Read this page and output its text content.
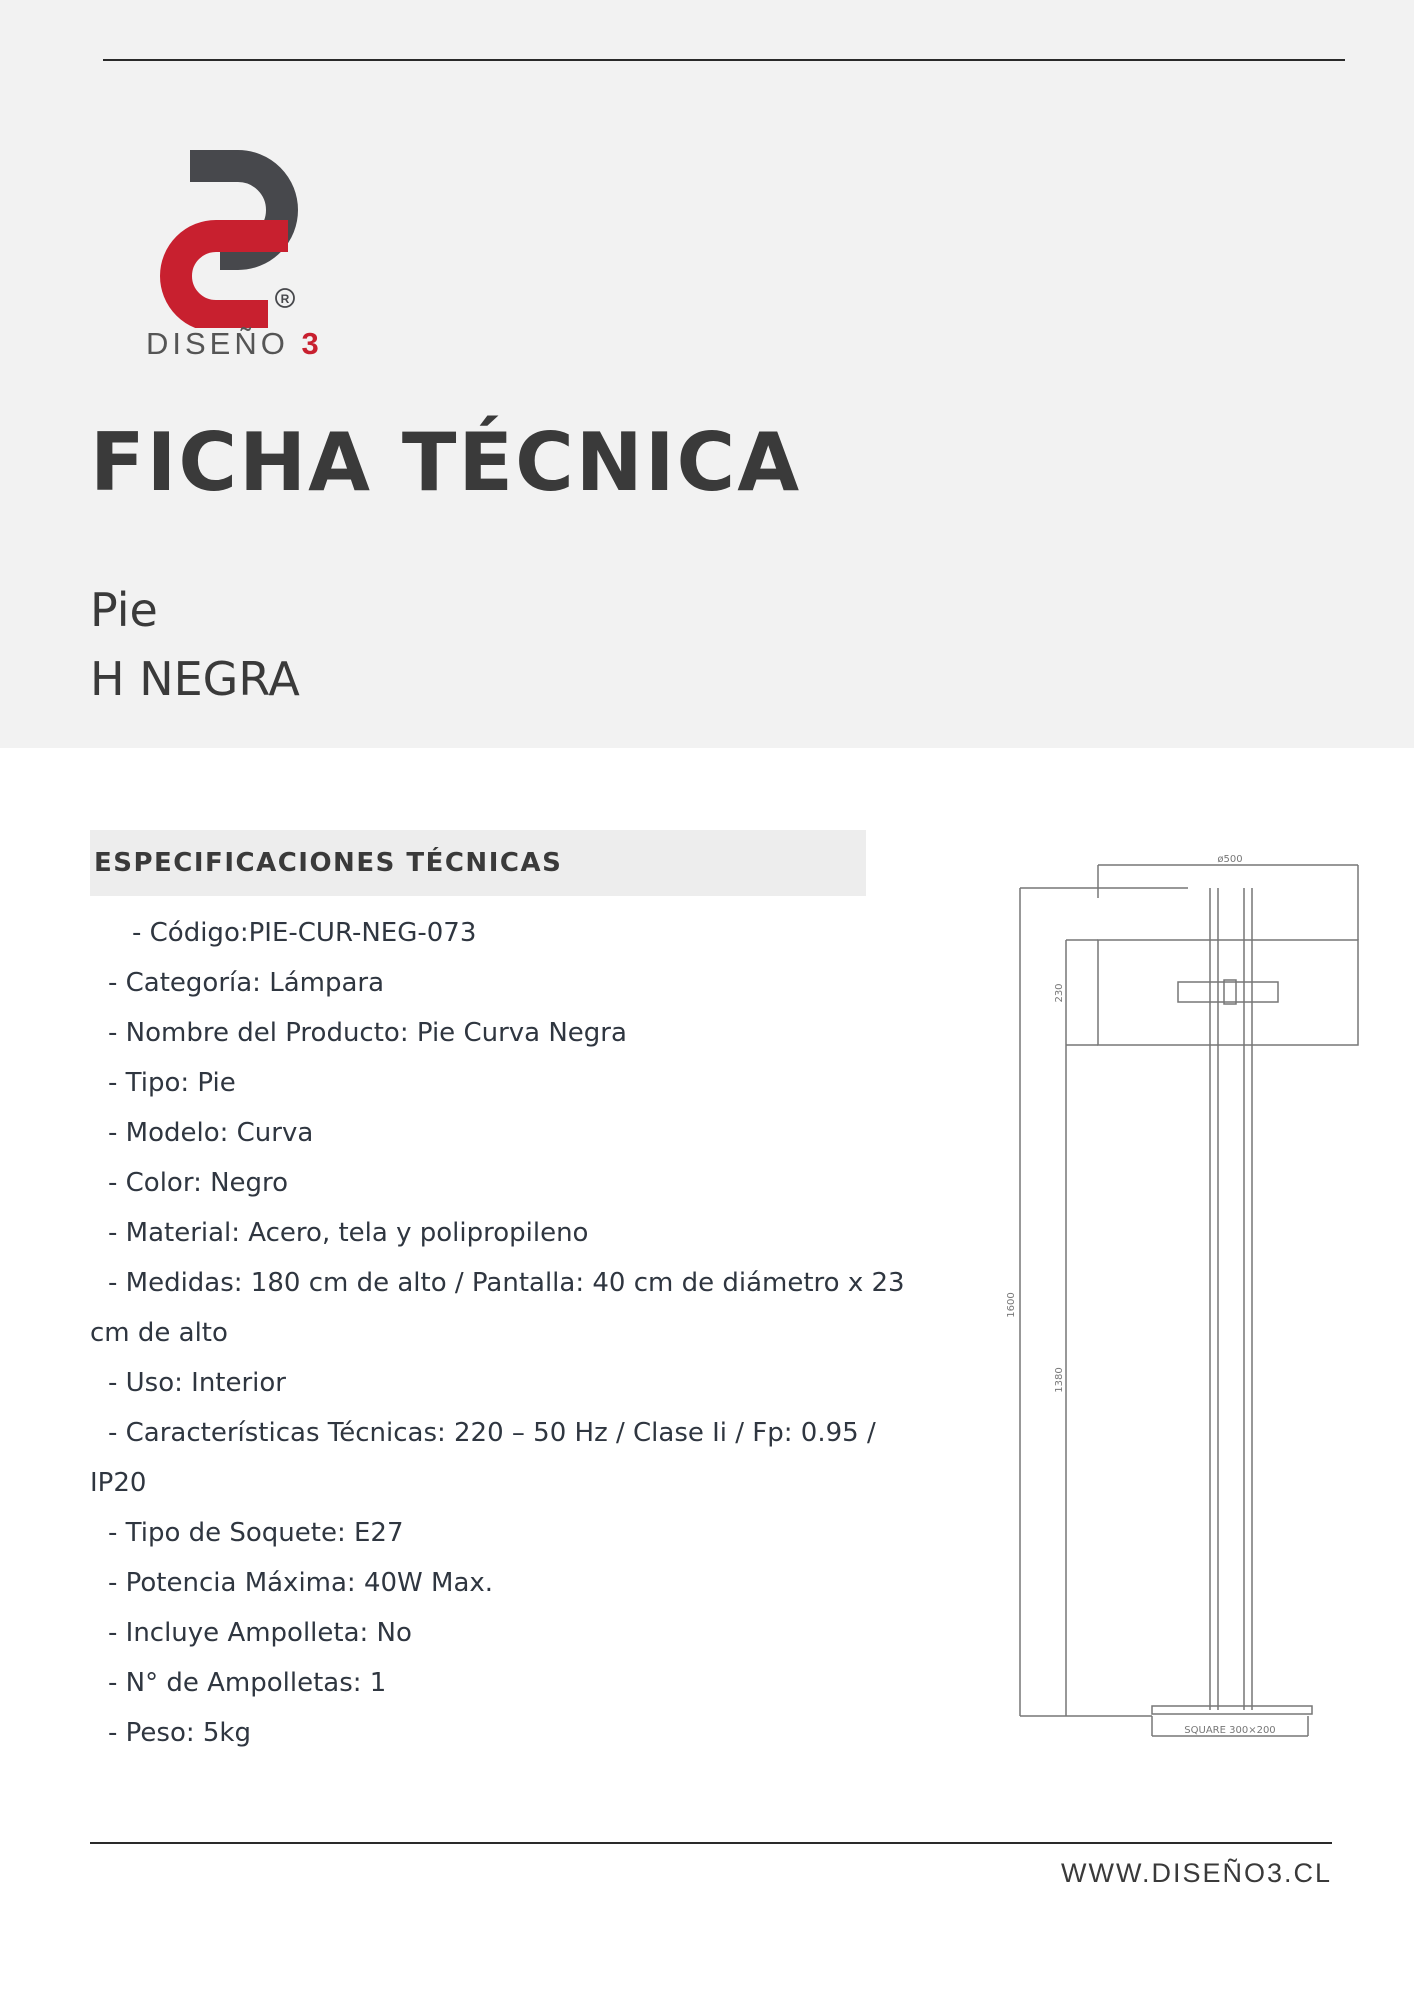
R
DISEÑO 3
FICHA TÉCNICA
Pie
H NEGRA
ESPECIFICACIONES TÉCNICAS
- Código:PIE-CUR-NEG-073
- Categoría: Lámpara
- Nombre del Producto: Pie Curva Negra
- Tipo: Pie
- Modelo: Curva
- Color: Negro
- Material: Acero, tela y polipropileno
- Medidas: 180 cm de alto / Pantalla: 40 cm de diámetro x 23 cm de alto
- Uso: Interior
- Características Técnicas: 220 – 50 Hz / Clase Ii / Fp: 0.95 / IP20
- Tipo de Soquete: E27
- Potencia Máxima: 40W Max.
- Incluye Ampolleta: No
- N° de Ampolletas: 1
- Peso: 5kg
ø500
1600
230
1380
SQUARE 300×200
WWW.DISEÑO3.CL
